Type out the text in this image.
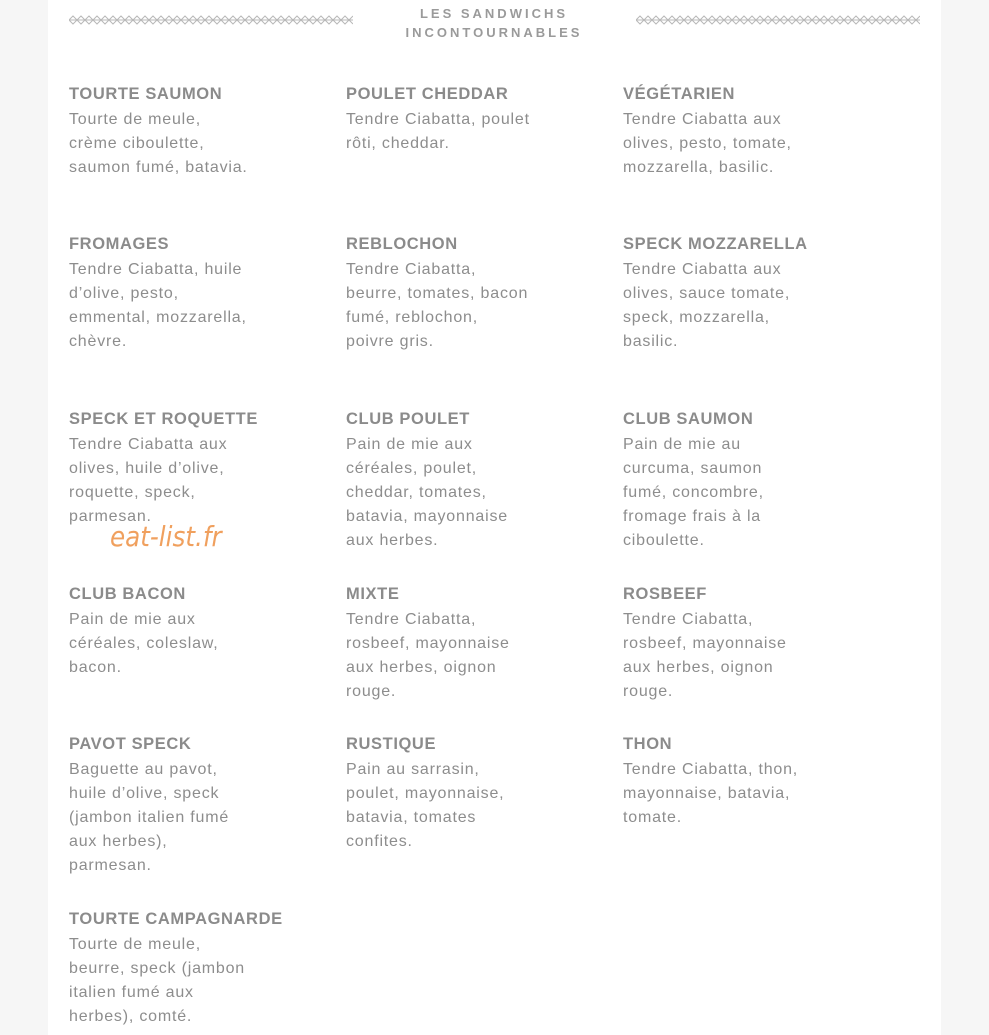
LES SANDWICHS
INCONTOURNABLES
TOURTE SAUMON
Tourte de meule, crème ciboulette, saumon fumé, batavia.
POULET CHEDDAR
Tendre Ciabatta, poulet rôti, cheddar.
VÉGÉTARIEN
Tendre Ciabatta aux olives, pesto, tomate, mozzarella, basilic.
FROMAGES
Tendre Ciabatta, huile d’olive, pesto, emmental, mozzarella, chèvre.
REBLOCHON
Tendre Ciabatta, beurre, tomates, bacon fumé, reblochon, poivre gris.
SPECK MOZZARELLA
Tendre Ciabatta aux olives, sauce tomate, speck, mozzarella, basilic.
SPECK ET ROQUETTE
Tendre Ciabatta aux olives, huile d’olive, roquette, speck, parmesan.
CLUB POULET
Pain de mie aux céréales, poulet, cheddar, tomates, batavia, mayonnaise aux herbes.
CLUB SAUMON
Pain de mie au curcuma, saumon fumé, concombre, fromage frais à la ciboulette.
CLUB BACON
Pain de mie aux céréales, coleslaw, bacon.
MIXTE
Tendre Ciabatta, rosbeef, mayonnaise aux herbes, oignon rouge.
ROSBEEF
Tendre Ciabatta, rosbeef, mayonnaise aux herbes, oignon rouge.
PAVOT SPECK
Baguette au pavot, huile d’olive, speck (jambon italien fumé aux herbes), parmesan.
RUSTIQUE
Pain au sarrasin, poulet, mayonnaise, batavia, tomates confites.
THON
Tendre Ciabatta, thon, mayonnaise, batavia, tomate.
TOURTE CAMPAGNARDE
Tourte de meule, beurre, speck (jambon italien fumé aux herbes), comté.
eat-list.fr
